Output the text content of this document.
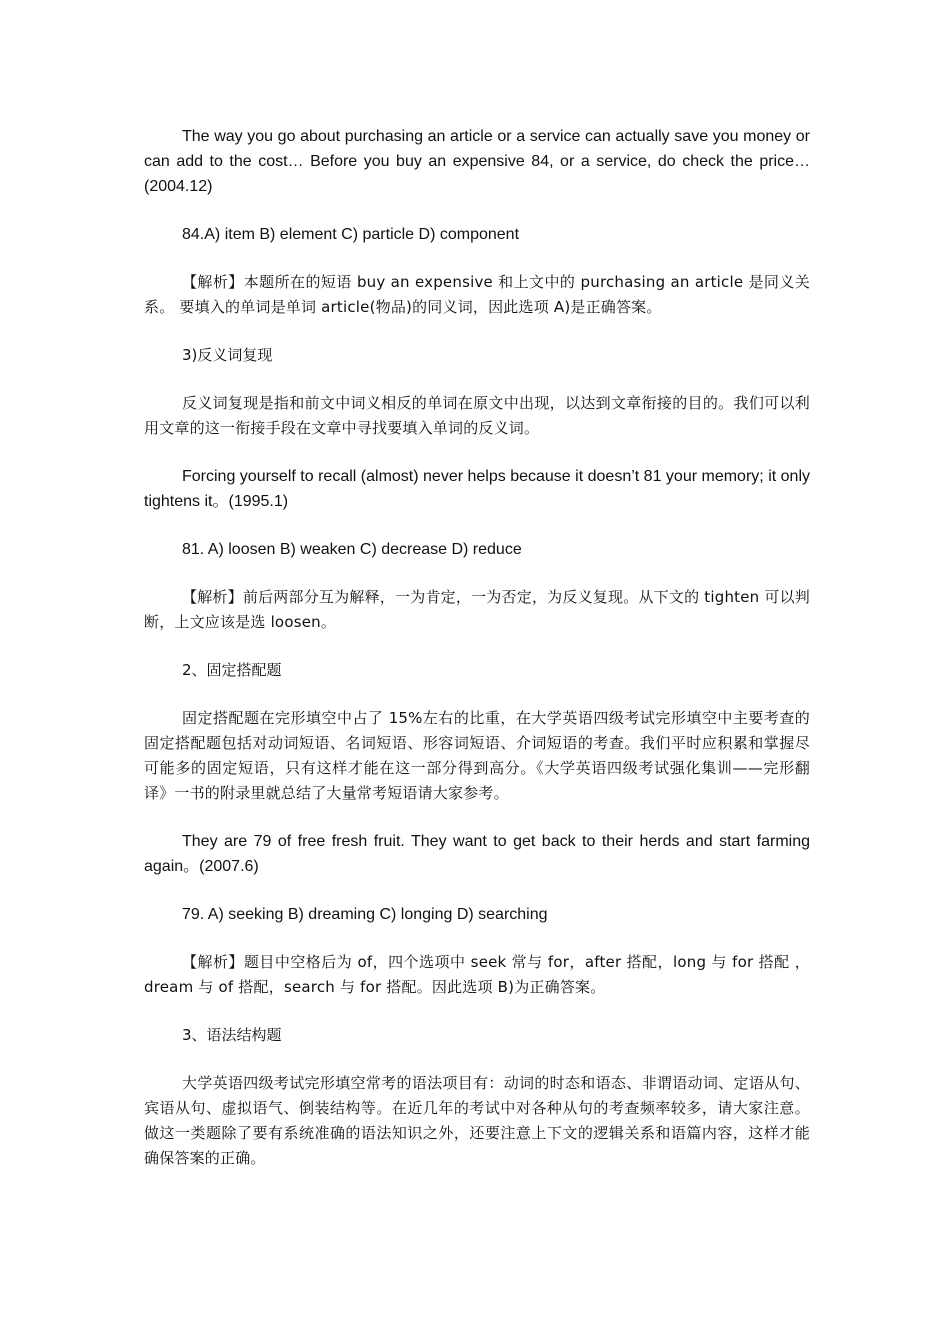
The way you go about purchasing an article or a service can actually save you money or can add to the cost… Before you buy an expensive 84, or a service, do check the price…(2004.12)

84.A) item B) element C) particle D) component

【解析】本题所在的短语 buy an expensive 和上文中的 purchasing an article 是同义关系。 要填入的单词是单词 article(物品)的同义词，因此选项 A)是正确答案。

3)反义词复现

反义词复现是指和前文中词义相反的单词在原文中出现，以达到文章衔接的目的。我们可以利用文章的这一衔接手段在文章中寻找要填入单词的反义词。

Forcing yourself to recall (almost) never helps because it doesn’t 81 your memory; it only tightens it。(1995.1)

81. A) loosen B) weaken C) decrease D) reduce

【解析】前后两部分互为解释，一为肯定，一为否定，为反义复现。从下文的 tighten 可以判断，上文应该是选 loosen。

2、固定搭配题

固定搭配题在完形填空中占了 15%左右的比重，在大学英语四级考试完形填空中主要考查的固定搭配题包括对动词短语、名词短语、形容词短语、介词短语的考查。我们平时应积累和掌握尽可能多的固定短语，只有这样才能在这一部分得到高分。《大学英语四级考试强化集训——完形翻译》一书的附录里就总结了大量常考短语请大家参考。

They are 79 of free fresh fruit. They want to get back to their herds and start farming again。(2007.6)

79. A) seeking B) dreaming C) longing D) searching

【解析】题目中空格后为 of，四个选项中 seek 常与 for，after 搭配，long 与 for 搭配 ，dream 与 of 搭配，search 与 for 搭配。因此选项 B)为正确答案。

3、语法结构题

大学英语四级考试完形填空常考的语法项目有：动词的时态和语态、非谓语动词、定语从句、宾语从句、虚拟语气、倒装结构等。在近几年的考试中对各种从句的考查频率较多，请大家注意。做这一类题除了要有系统准确的语法知识之外，还要注意上下文的逻辑关系和语篇内容，这样才能确保答案的正确。
